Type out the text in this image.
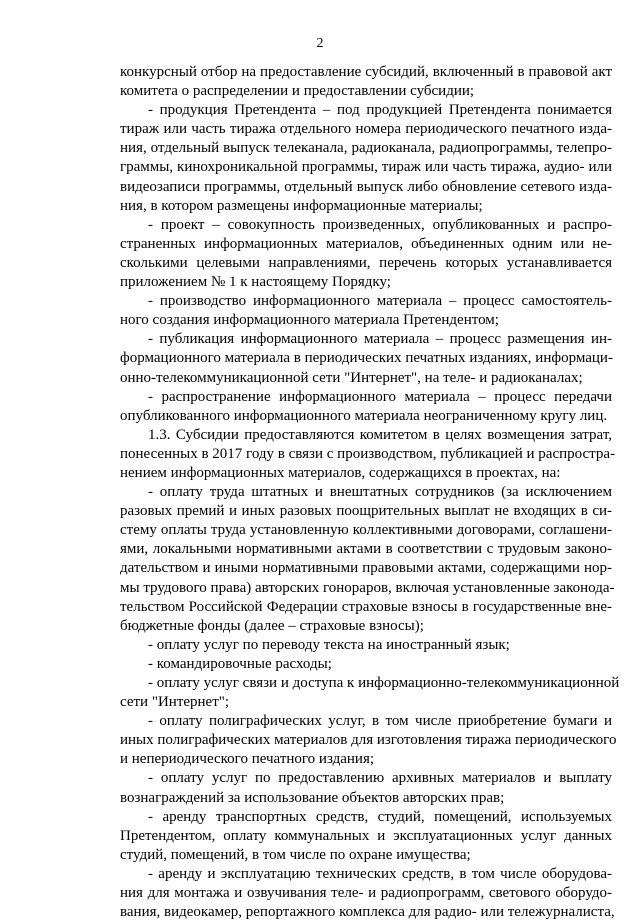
2
конкурсный отбор на предоставление субсидий, включенный в правовой акт
комитета о распределении и предоставлении субсидии;
- продукция Претендента – под продукцией Претендента понимается
тираж или часть тиража отдельного номера периодического печатного изда-
ния, отдельный выпуск телеканала, радиоканала, радиопрограммы, телепро-
граммы, кинохроникальной программы, тираж или часть тиража, аудио- или
видеозаписи программы, отдельный выпуск либо обновление сетевого изда-
ния, в котором размещены информационные материалы;
- проект – совокупность произведенных, опубликованных и распро-
страненных информационных материалов, объединенных одним или не-
сколькими целевыми направлениями, перечень которых устанавливается
приложением № 1 к настоящему Порядку;
- производство информационного материала – процесс самостоятель-
ного создания информационного материала Претендентом;
- публикация информационного материала – процесс размещения ин-
формационного материала в периодических печатных изданиях, информаци-
онно-телекоммуникационной сети "Интернет", на теле- и радиоканалах;
- распространение информационного материала – процесс передачи
опубликованного информационного материала неограниченному кругу лиц.
1.3. Субсидии предоставляются комитетом в целях возмещения затрат,
понесенных в 2017 году в связи с производством, публикацией и распростра-
нением информационных материалов, содержащихся в проектах, на:
- оплату труда штатных и внештатных сотрудников (за исключением
разовых премий и иных разовых поощрительных выплат не входящих в си-
стему оплаты труда установленную коллективными договорами, соглашени-
ями, локальными нормативными актами в соответствии с трудовым законо-
дательством и иными нормативными правовыми актами, содержащими нор-
мы трудового права) авторских гонораров, включая установленные законода-
тельством Российской Федерации страховые взносы в государственные вне-
бюджетные фонды (далее – страховые взносы);
- оплату услуг по переводу текста на иностранный язык;
- командировочные расходы;
- оплату услуг связи и доступа к информационно-телекоммуникационной
сети "Интернет";
- оплату полиграфических услуг, в том числе приобретение бумаги и
иных полиграфических материалов для изготовления тиража периодического
и непериодического печатного издания;
- оплату услуг по предоставлению архивных материалов и выплату
вознаграждений за использование объектов авторских прав;
- аренду транспортных средств, студий, помещений, используемых
Претендентом, оплату коммунальных и эксплуатационных услуг данных
студий, помещений, в том числе по охране имущества;
- аренду и эксплуатацию технических средств, в том числе оборудова-
ния для монтажа и озвучивания теле- и радиопрограмм, светового оборудо-
вания, видеокамер, репортажного комплекса для радио- или тележурналиста,
